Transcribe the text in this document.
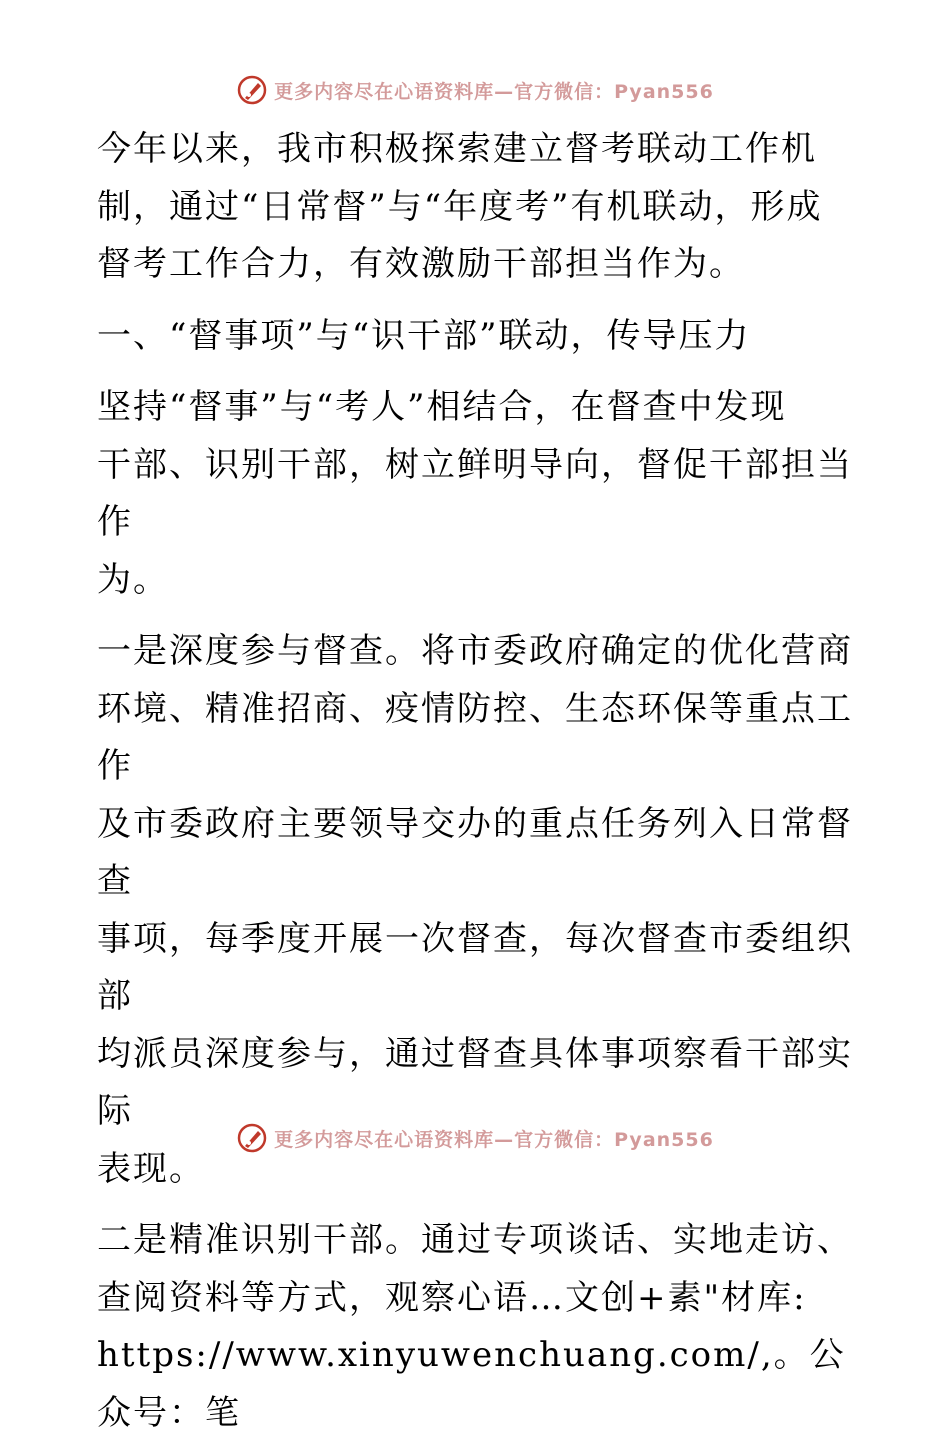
更多内容尽在心语资料库—官方微信：Pyan556

今年以来，我市积极探索建立督考联动工作机
制，通过“日常督”与“年度考”有机联动，形成
督考工作合力，有效激励干部担当作为。

一、“督事项”与“识干部”联动，传导压力

坚持“督事”与“考人”相结合，在督查中发现
干部、识别干部，树立鲜明导向，督促干部担当作
为。

一是深度参与督查。将市委政府确定的优化营商
环境、精准招商、疫情防控、生态环保等重点工作
及市委政府主要领导交办的重点任务列入日常督查
事项，每季度开展一次督查，每次督查市委组织部
均派员深度参与，通过督查具体事项察看干部实际
表现。

二是精准识别干部。通过专项谈话、实地走访、
查阅资料等方式，观察心语…文创+素"材库:
https://www.xinyuwenchuang.com/,。公众号：笔

更多内容尽在心语资料库—官方微信：Pyan556
